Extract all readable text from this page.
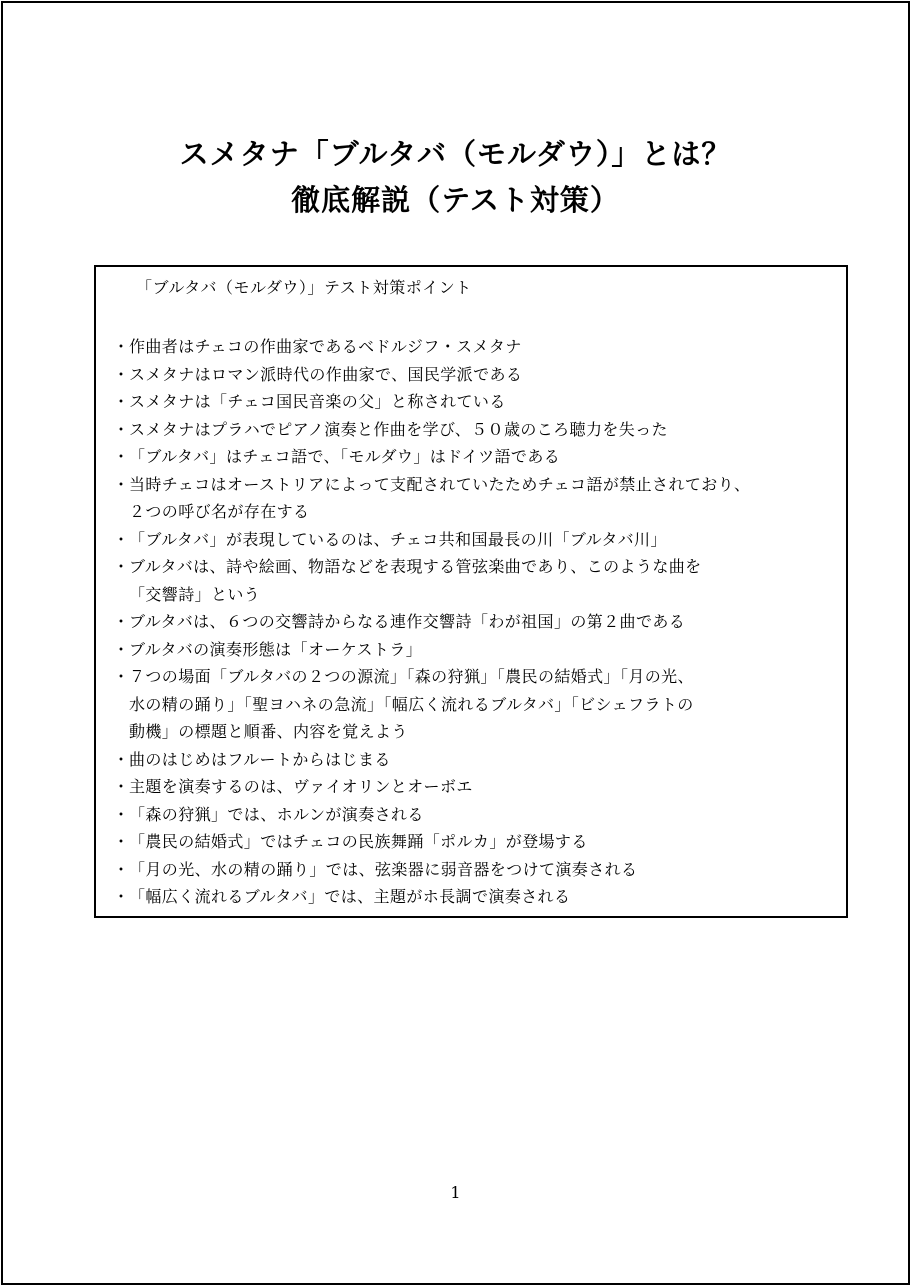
スメタナ「ブルタバ（モルダウ）」とは？
徹底解説（テスト対策）
「ブルタバ（モルダウ）」テスト対策ポイント
・ 作曲者はチェコの作曲家であるベドルジフ・スメタナ
・ スメタナはロマン派時代の作曲家で、国民学派である
・ スメタナは「チェコ国民音楽の父」と称されている
・ スメタナはプラハでピアノ演奏と作曲を学び、５０歳のころ聴力を失った
・ 「ブルタバ」はチェコ語で、「モルダウ」はドイツ語である
・ 当時チェコはオーストリアによって支配されていたためチェコ語が禁止されており、
２つの呼び名が存在する
・ 「ブルタバ」が表現しているのは、チェコ共和国最長の川「ブルタバ川」
・ ブルタバは、詩や絵画、物語などを表現する管弦楽曲であり、このような曲を
「交響詩」という
・ ブルタバは、６つの交響詩からなる連作交響詩「わが祖国」の第２曲である
・ ブルタバの演奏形態は「オーケストラ」
・ ７つの場面「ブルタバの２つの源流」「森の狩猟」「農民の結婚式」「月の光、
水の精の踊り」「聖ヨハネの急流」「幅広く流れるブルタバ」「ビシェフラトの
動機」の標題と順番、内容を覚えよう
・ 曲のはじめはフルートからはじまる
・ 主題を演奏するのは、ヴァイオリンとオーボエ
・ 「森の狩猟」では、ホルンが演奏される
・ 「農民の結婚式」ではチェコの民族舞踊「ポルカ」が登場する
・ 「月の光、水の精の踊り」では、弦楽器に弱音器をつけて演奏される
・ 「幅広く流れるブルタバ」では、主題がホ長調で演奏される
1
